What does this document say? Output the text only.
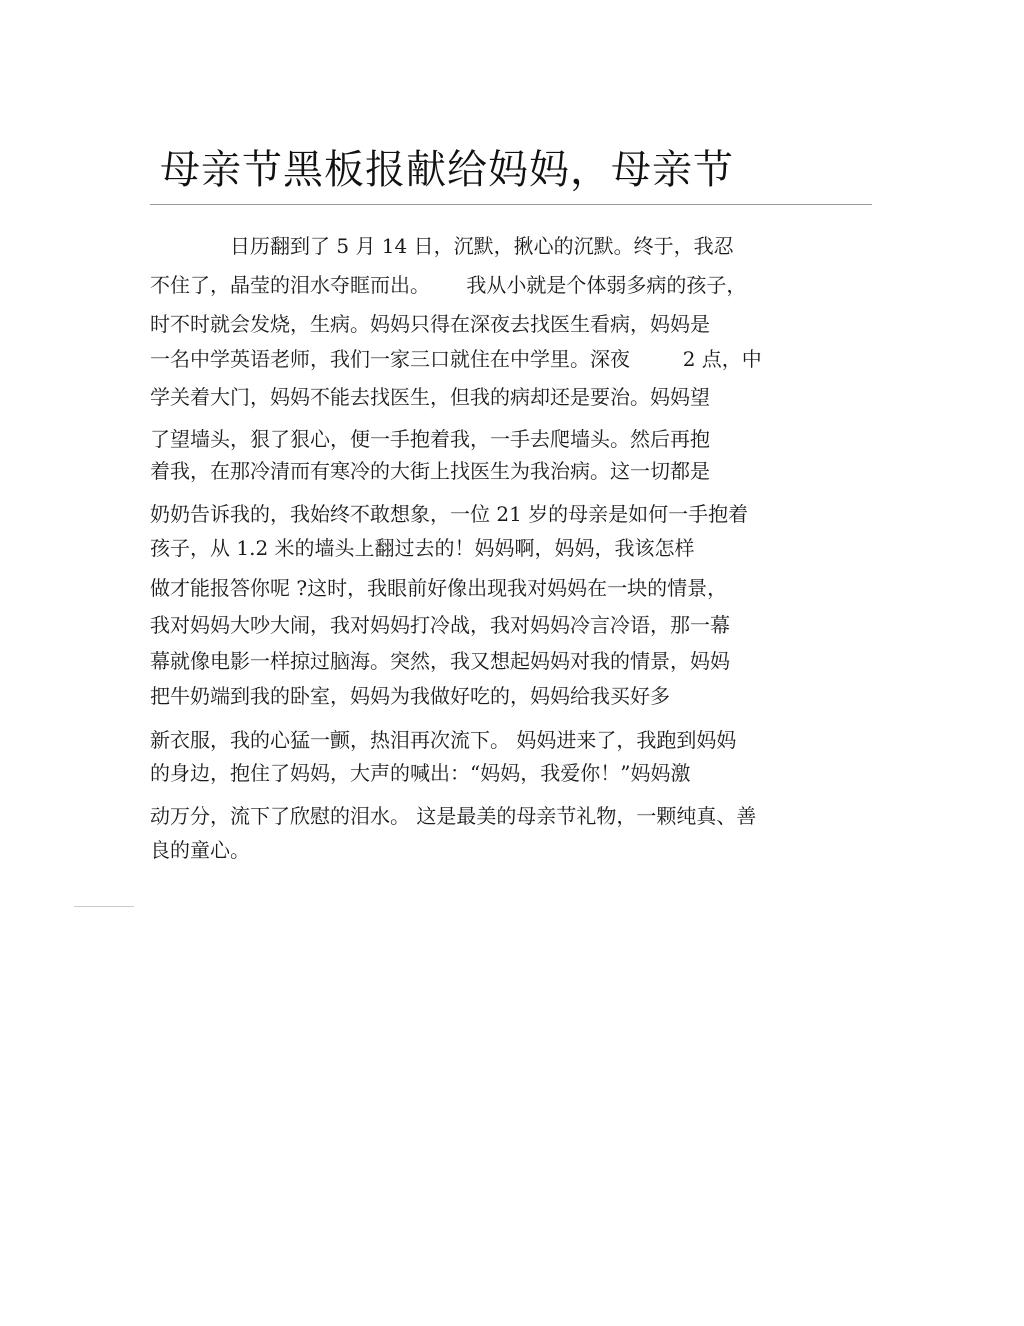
母亲节黑板报献给妈妈，母亲节
　　　　日历翻到了 5 月 14 日，沉默，揪心的沉默。终于，我忍
不住了，晶莹的泪水夺眶而出。　　 我从小就是个体弱多病的孩子，
时不时就会发烧，生病。妈妈只得在深夜去找医生看病，妈妈是
一名中学英语老师，我们一家三口就住在中学里。深夜　　  2 点，中
学关着大门，妈妈不能去找医生，但我的病却还是要治。妈妈望
了望墙头，狠了狠心，便一手抱着我，一手去爬墙头。然后再抱
着我，在那冷清而有寒冷的大街上找医生为我治病。这一切都是
奶奶告诉我的，我始终不敢想象，一位 21 岁的母亲是如何一手抱着
孩子，从 1.2 米的墙头上翻过去的！妈妈啊，妈妈，我该怎样
做才能报答你呢 ?这时，我眼前好像出现我对妈妈在一块的情景，
我对妈妈大吵大闹，我对妈妈打冷战，我对妈妈冷言冷语，那一幕
幕就像电影一样掠过脑海。突然，我又想起妈妈对我的情景，妈妈
把牛奶端到我的卧室，妈妈为我做好吃的，妈妈给我买好多
新衣服，我的心猛一颤，热泪再次流下。 妈妈进来了，我跑到妈妈
的身边，抱住了妈妈，大声的喊出：“妈妈，我爱你！”妈妈激
动万分，流下了欣慰的泪水。 这是最美的母亲节礼物，一颗纯真、善
良的童心。
